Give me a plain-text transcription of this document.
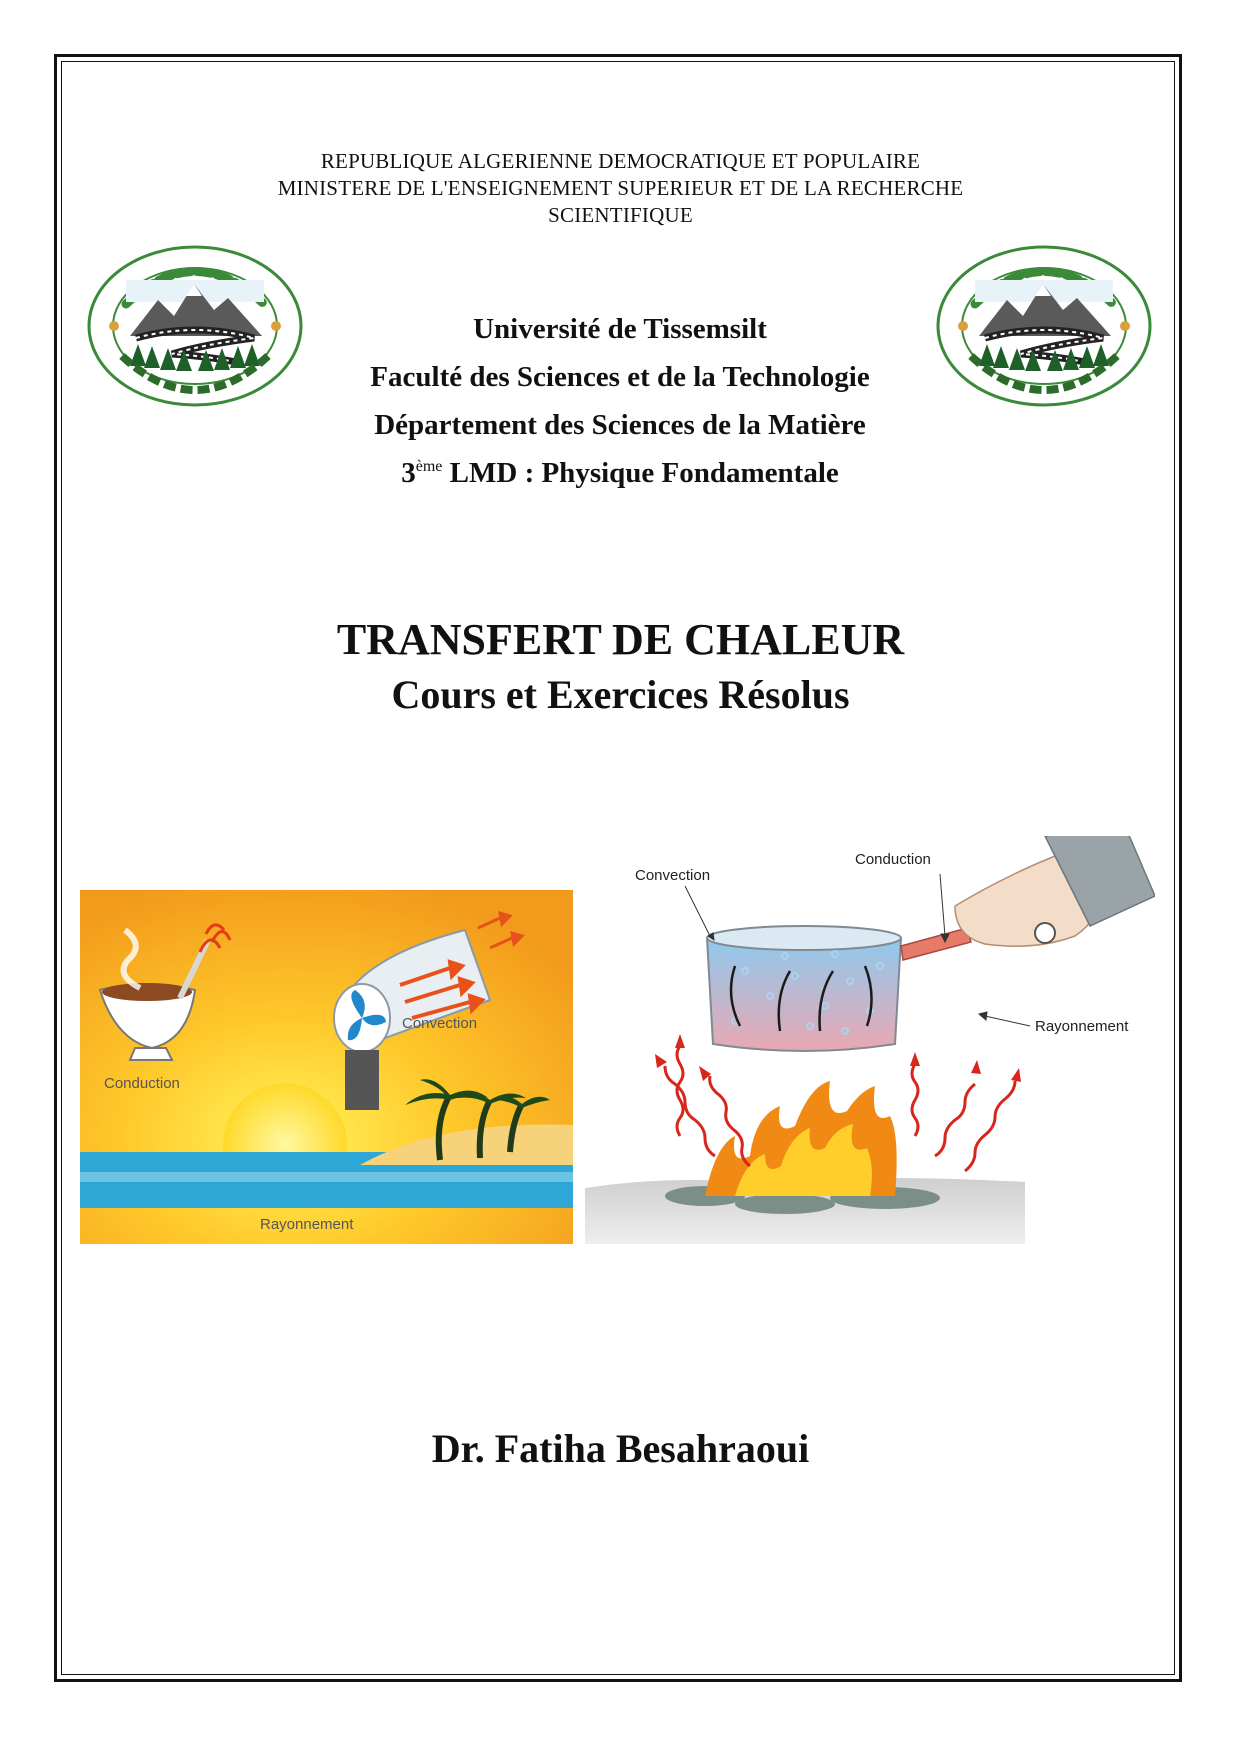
REPUBLIQUE ALGERIENNE DEMOCRATIQUE ET POPULAIRE
MINISTERE DE L'ENSEIGNEMENT SUPERIEUR ET DE LA RECHERCHE
SCIENTIFIQUE
Université de Tissemsilt
Faculté des Sciences et de la Technologie
Département des Sciences de la Matière
3ème LMD : Physique Fondamentale
TRANSFERT DE CHALEUR
Cours et Exercices Résolus
Conduction
Convection
Rayonnement
Convection
Conduction
Rayonnement
Dr. Fatiha Besahraoui
